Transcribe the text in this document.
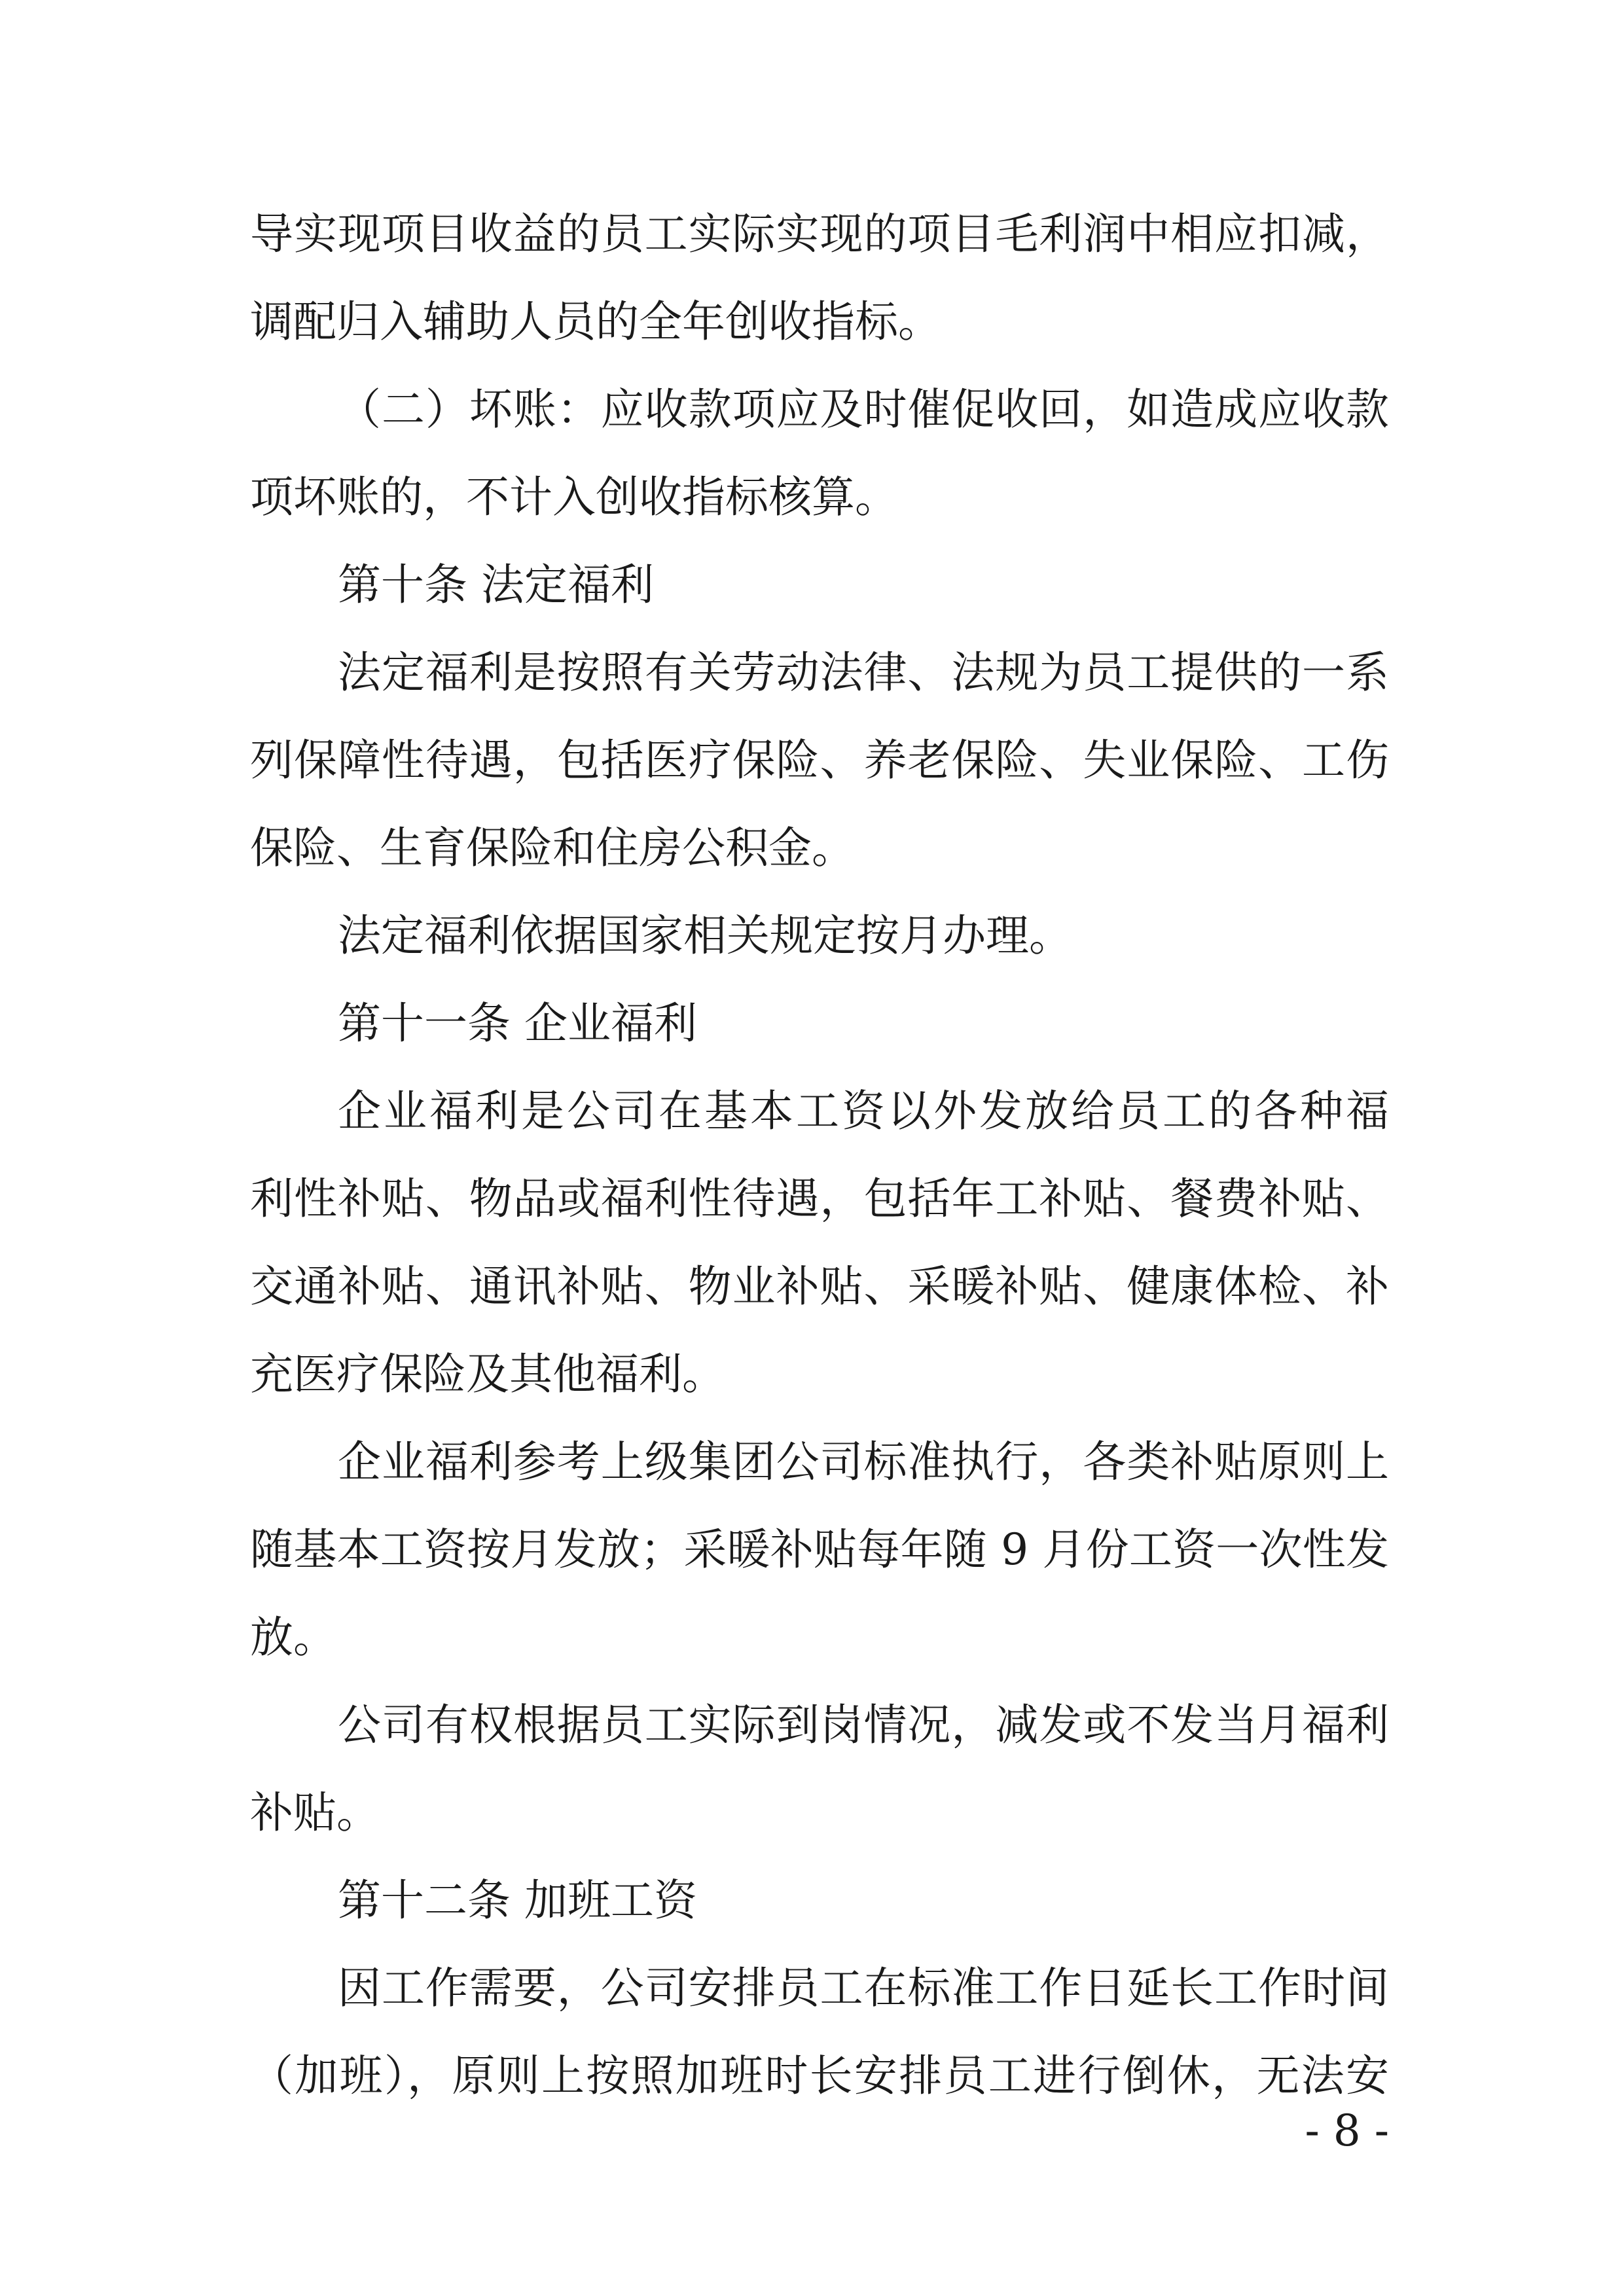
导实现项目收益的员工实际实现的项目毛利润中相应扣减，

调配归入辅助人员的全年创收指标。

（二）坏账：应收款项应及时催促收回，如造成应收款

项坏账的，不计入创收指标核算。

第十条 法定福利

法定福利是按照有关劳动法律、法规为员工提供的一系

列保障性待遇，包括医疗保险、养老保险、失业保险、工伤

保险、生育保险和住房公积金。

法定福利依据国家相关规定按月办理。

第十一条 企业福利

企业福利是公司在基本工资以外发放给员工的各种福

利性补贴、物品或福利性待遇，包括年工补贴、餐费补贴、

交通补贴、通讯补贴、物业补贴、采暖补贴、健康体检、补

充医疗保险及其他福利。

企业福利参考上级集团公司标准执行，各类补贴原则上

随基本工资按月发放；采暖补贴每年随 9 月份工资一次性发

放。

公司有权根据员工实际到岗情况，减发或不发当月福利

补贴。

第十二条 加班工资

因工作需要，公司安排员工在标准工作日延长工作时间

（加班），原则上按照加班时长安排员工进行倒休，无法安

- 8 -
